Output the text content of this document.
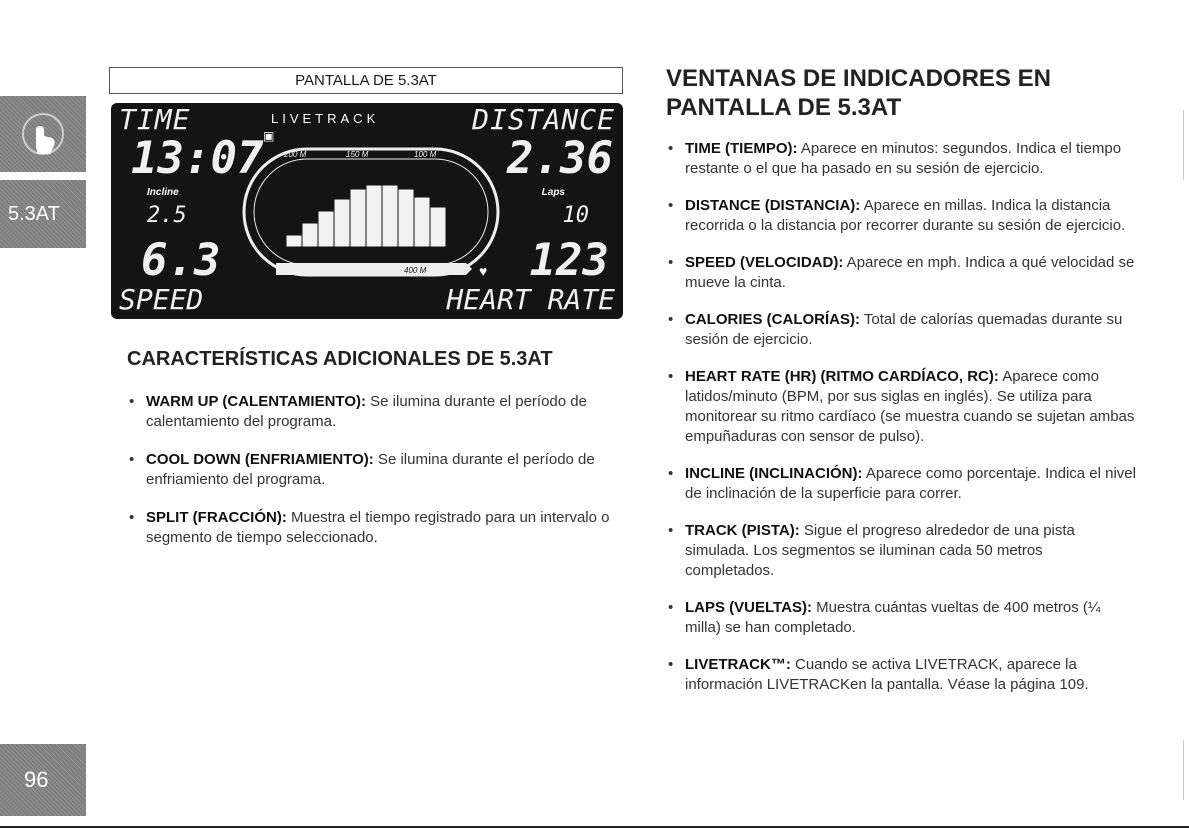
5.3AT
96
PANTALLA DE 5.3AT
TIME	DISTANCE
LIVETRACK
13:07	2.36
Incline	Laps
2.5	10
6.3	123
SPEED	HEART RATE
200 M	150 M	100 M
400 M	♥
▣
CARACTERÍSTICAS ADICIONALES DE 5.3AT
• WARM UP (CALENTAMIENTO): Se ilumina durante el período de calentamiento del programa.
• COOL DOWN (ENFRIAMIENTO): Se ilumina durante el período de enfriamiento del programa.
• SPLIT (FRACCIÓN): Muestra el tiempo registrado para un intervalo o segmento de tiempo seleccionado.
VENTANAS DE INDICADORES EN PANTALLA DE 5.3AT
• TIME (TIEMPO): Aparece en minutos: segundos. Indica el tiempo restante o el que ha pasado en su sesión de ejercicio.
• DISTANCE (DISTANCIA): Aparece en millas. Indica la distancia recorrida o la distancia por recorrer durante su sesión de ejercicio.
• SPEED (VELOCIDAD): Aparece en mph. Indica a qué velocidad se mueve la cinta.
• CALORIES (CALORÍAS): Total de calorías quemadas durante su sesión de ejercicio.
• HEART RATE (HR) (RITMO CARDÍACO, RC): Aparece como latidos/minuto (BPM, por sus siglas en inglés). Se utiliza para monitorear su ritmo cardíaco (se muestra cuando se sujetan ambas empuñaduras con sensor de pulso).
• INCLINE (INCLINACIÓN): Aparece como porcentaje. Indica el nivel de inclinación de la superficie para correr.
• TRACK (PISTA): Sigue el progreso alrededor de una pista simulada. Los segmentos se iluminan cada 50 metros completados.
• LAPS (VUELTAS): Muestra cuántas vueltas de 400 metros (¼ milla) se han completado.
• LIVETRACK™: Cuando se activa LIVETRACK, aparece la información LIVETRACKen la pantalla. Véase la página 109.
